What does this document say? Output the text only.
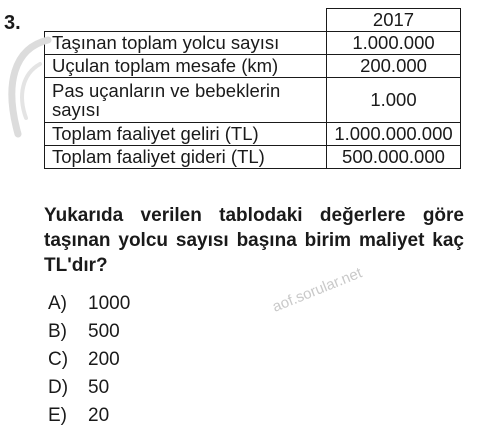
3.
		2017
Taşınan toplam yolcu sayısı	1.000.000
Uçulan toplam mesafe (km)	200.000
Pas uçanların ve bebeklerin sayısı	1.000
Toplam faaliyet geliri (TL)	1.000.000.000
Toplam faaliyet gideri (TL)	500.000.000
Yukarıda verilen tablodaki değerlere göre taşınan yolcu sayısı başına birim maliyet kaç TL'dır?
A)	1000
B)	500
C)	200
D)	50
E)	20
aof.sorular.net
